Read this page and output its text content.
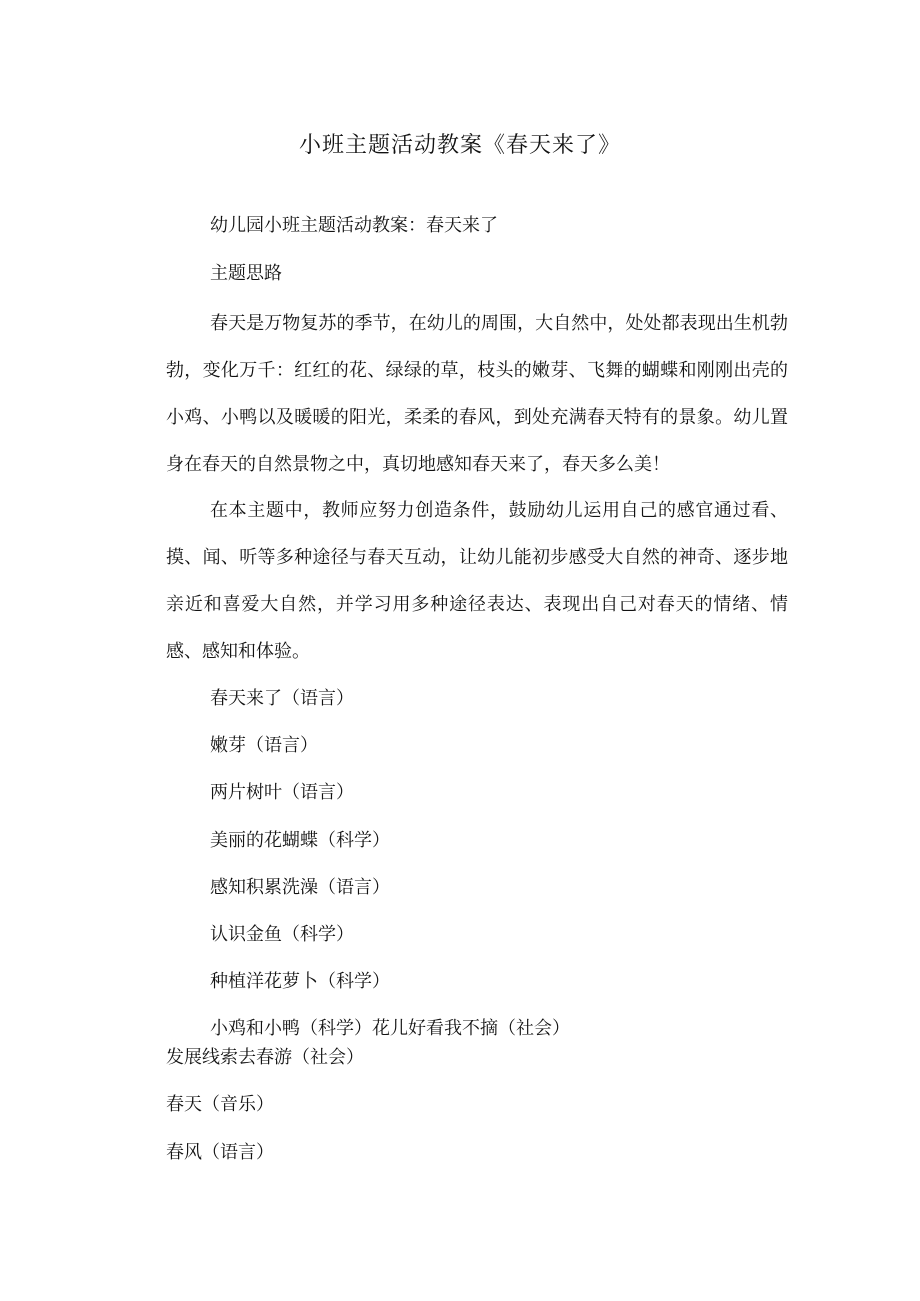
小班主题活动教案《春天来了》
幼儿园小班主题活动教案：春天来了
主题思路

春天是万物复苏的季节，在幼儿的周围，大自然中，处处都表现出生机勃勃，变化万千：红红的花、绿绿的草，枝头的嫩芽、飞舞的蝴蝶和刚刚出壳的小鸡、小鸭以及暖暖的阳光，柔柔的春风，到处充满春天特有的景象。幼儿置身在春天的自然景物之中，真切地感知春天来了，春天多么美！

在本主题中，教师应努力创造条件，鼓励幼儿运用自己的感官通过看、摸、闻、听等多种途径与春天互动，让幼儿能初步感受大自然的神奇、逐步地亲近和喜爱大自然，并学习用多种途径表达、表现出自己对春天的情绪、情感、感知和体验。

春天来了（语言）
嫩芽（语言）
两片树叶（语言）
美丽的花蝴蝶（科学）
感知积累洗澡（语言）
认识金鱼（科学）
种植洋花萝卜（科学）
小鸡和小鸭（科学）花儿好看我不摘（社会）
发展线索去春游（社会）
春天（音乐）
春风（语言）
